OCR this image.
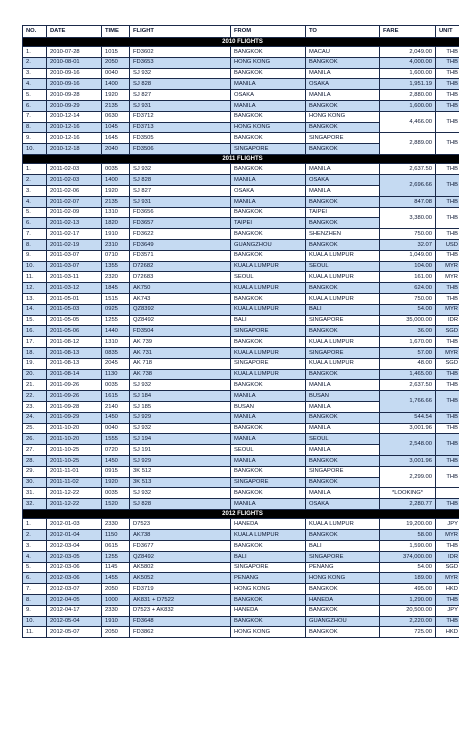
NO.	DATE	TIME	FLIGHT	FROM	TO	FARE	UNIT
2010 FLIGHTS							
1.	2010-07-28	1015	FD3602	BANGKOK	MACAU	2,049.00	THB
2.	2010-08-01	2050	FD3653	HONG KONG	BANGKOK	4,000.00	THB
3.	2010-09-16	0040	SJ 932	BANGKOK	MANILA	1,600.00	THB
4.	2010-09-16	1400	SJ 828	MANILA	OSAKA	1,951.19	THB
5.	2010-09-28	1920	SJ 827	OSAKA	MANILA	2,880.00	THB
6.	2010-09-29	2135	SJ 931	MANILA	BANGKOK	1,600.00	THB
7.	2010-12-14	0630	FD3712	BANGKOK	HONG KONG	4,466.00	THB
8.	2010-12-16	1045	FD3713	HONG KONG	BANGKOK		
9.	2010-12-16	1645	FD3505	BANGKOK	SINGAPORE	2,889.00	THB
10.	2010-12-18	2040	FD3506	SINGAPORE	BANGKOK		
2011 FLIGHTS							
1.	2011-02-03	0035	SJ 932	BANGKOK	MANILA	2,637.50	THB
2.	2011-02-03	1400	SJ 828	MANILA	OSAKA	2,696.66	THB
3.	2011-02-06	1920	SJ 827	OSAKA	MANILA		
4.	2011-02-07	2135	SJ 931	MANILA	BANGKOK	847.08	THB
5.	2011-02-09	1310	FD3656	BANGKOK	TAIPEI	3,380.00	THB
6.	2011-02-13	1820	FD3657	TAIPEI	BANGKOK		
7.	2011-02-17	1910	FD3622	BANGKOK	SHENZHEN	750.00	THB
8.	2011-02-19	2310	FD3649	GUANGZHOU	BANGKOK	32.07	USD
9.	2011-03-07	0710	FD3571	BANGKOK	KUALA LUMPUR	1,049.00	THB
10.	2011-03-07	1355	D72682	KUALA LUMPUR	SEOUL	104.00	MYR
11.	2011-03-11	2320	D72683	SEOUL	KUALA LUMPUR	161.00	MYR
12.	2011-03-12	1845	AK750	KUALA LUMPUR	BANGKOK	624.00	THB
13.	2011-05-01	1515	AK743	BANGKOK	KUALA LUMPUR	750.00	THB
14.	2011-05-03	0925	QZ8392	KUALA LUMPUR	BALI	54.00	MYR
15.	2011-05-05	1255	QZ8492	BALI	SINGAPORE	35,000.00	IDR
16.	2011-05-06	1440	FD3504	SINGAPORE	BANGKOK	36.00	SGD
17.	2011-08-12	1310	AK 739	BANGKOK	KUALA LUMPUR	1,670.00	THB
18.	2011-08-13	0835	AK 731	KUALA LUMPUR	SINGAPORE	57.00	MYR
19.	2011-08-13	2045	AK 718	SINGAPORE	KUALA LUMPUR	48.00	SGD
20.	2011-08-14	1130	AK 738	KUALA LUMPUR	BANGKOK	1,465.00	THB
21.	2011-09-26	0035	SJ 932	BANGKOK	MANILA	2,637.50	THB
22.	2011-09-26	1615	SJ 184	MANILA	BUSAN	1,766.66	THB
23.	2011-09-28	2140	SJ 185	BUSAN	MANILA		
24.	2011-09-29	1450	SJ 929	MANILA	BANGKOK	544.54	THB
25.	2011-10-20	0040	SJ 932	BANGKOK	MANILA	3,001.96	THB
26.	2011-10-20	1555	SJ 194	MANILA	SEOUL	2,548.00	THB
27.	2011-10-25	0720	SJ 191	SEOUL	MANILA		
28.	2011-10-25	1450	SJ 929	MANILA	BANGKOK	3,001.96	THB
29.	2011-11-01	0915	3K 512	BANGKOK	SINGAPORE	2,299.00	THB
30.	2011-11-02	1920	3K 513	SINGAPORE	BANGKOK		
31.	2011-12-22	0035	SJ 932	BANGKOK	MANILA	*LOOKING*	
32.	2011-12-22	1520	SJ 828	MANILA	OSAKA	2,280.77	THB
2012 FLIGHTS							
1.	2012-01-03	2330	D7523	HANEDA	KUALA LUMPUR	19,200.00	JPY
2.	2012-01-04	1150	AK738	KUALA LUMPUR	BANGKOK	58.00	MYR
3.	2012-03-04	0615	FD3677	BANGKOK	BALI	1,590.00	THB
4.	2012-03-05	1255	QZ8492	BALI	SINGAPORE	374,000.00	IDR
5.	2012-03-06	1145	AK5802	SINGAPORE	PENANG	54.00	SGD
6.	2012-03-06	1455	AK5052	PENANG	HONG KONG	189.00	MYR
7.	2012-03-07	2050	FD3719	HONG KONG	BANGKOK	495.00	HKD
8.	2012-04-05	1000	AK831 + D7522	BANGKOK	HANEDA	1,290.00	THB
9.	2012-04-17	2330	D7523 + AK832	HANEDA	BANGKOK	20,500.00	JPY
10.	2012-05-04	1910	FD3648	BANGKOK	GUANGZHOU	2,220.00	THB
11.	2012-05-07	2050	FD3862	HONG KONG	BANGKOK	725.00	HKD
